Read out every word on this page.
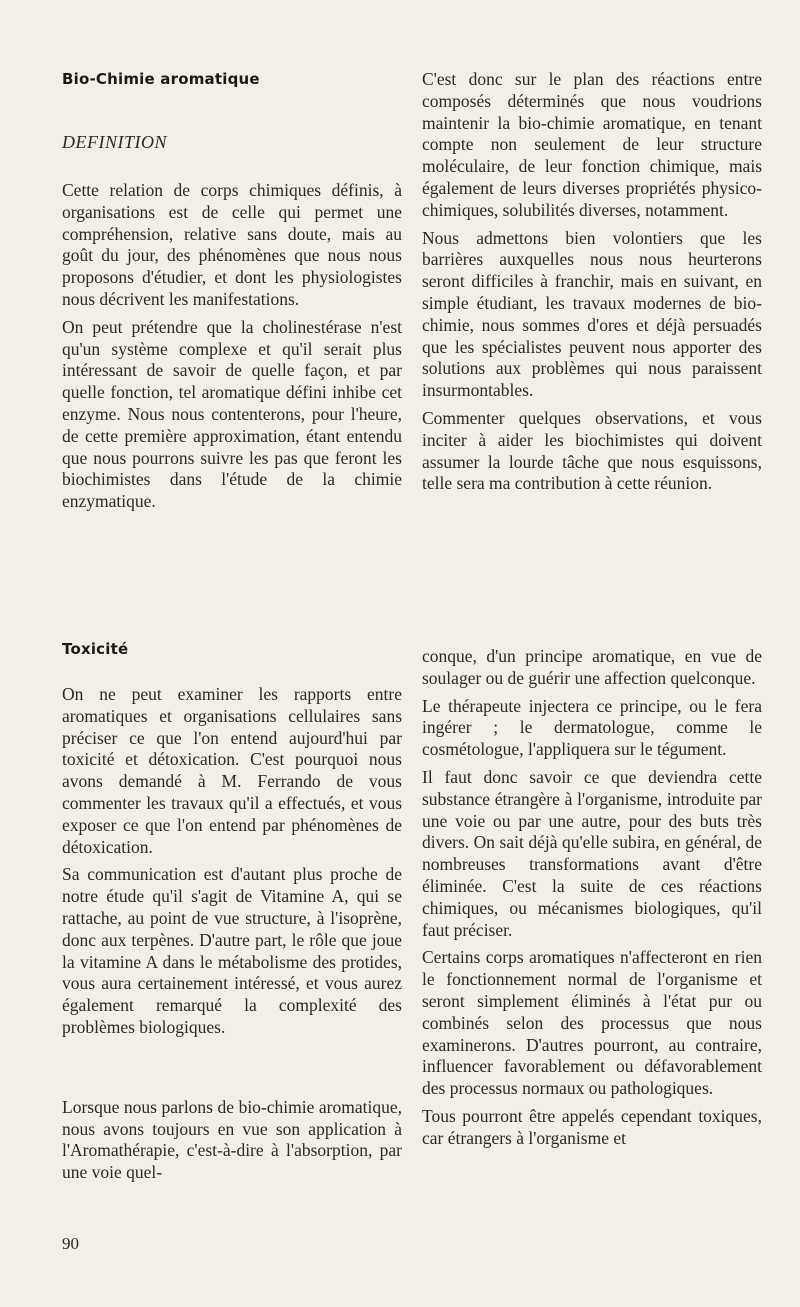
Bio-Chimie aromatique
DEFINITION

Cette relation de corps chimiques définis, à organisations est de celle qui permet une compréhension, relative sans doute, mais au goût du jour, des phénomènes que nous nous proposons d'étudier, et dont les physiologistes nous décrivent les manifestations.

On peut prétendre que la cholinestérase n'est qu'un système complexe et qu'il serait plus intéressant de savoir de quelle façon, et par quelle fonction, tel aromatique défini inhibe cet enzyme. Nous nous contenterons, pour l'heure, de cette première approximation, étant entendu que nous pourrons suivre les pas que feront les biochimistes dans l'étude de la chimie enzymatique.

C'est donc sur le plan des réactions entre composés déterminés que nous voudrions maintenir la bio-chimie aromatique, en tenant compte non seulement de leur structure moléculaire, de leur fonction chimique, mais également de leurs diverses propriétés physico-chimiques, solubilités diverses, notamment.

Nous admettons bien volontiers que les barrières auxquelles nous nous heurterons seront difficiles à franchir, mais en suivant, en simple étudiant, les travaux modernes de bio-chimie, nous sommes d'ores et déjà persuadés que les spécialistes peuvent nous apporter des solutions aux problèmes qui nous paraissent insurmontables.

Commenter quelques observations, et vous inciter à aider les biochimistes qui doivent assumer la lourde tâche que nous esquissons, telle sera ma contribution à cette réunion.

Toxicité

On ne peut examiner les rapports entre aromatiques et organisations cellulaires sans préciser ce que l'on entend aujourd'hui par toxicité et détoxication. C'est pourquoi nous avons demandé à M. Ferrando de vous commenter les travaux qu'il a effectués, et vous exposer ce que l'on entend par phénomènes de détoxication.

Sa communication est d'autant plus proche de notre étude qu'il s'agit de Vitamine A, qui se rattache, au point de vue structure, à l'isoprène, donc aux terpènes. D'autre part, le rôle que joue la vitamine A dans le métabolisme des protides, vous aura certainement intéressé, et vous aurez également remarqué la complexité des problèmes biologiques.

Lorsque nous parlons de bio-chimie aromatique, nous avons toujours en vue son application à l'Aromathérapie, c'est-à-dire à l'absorption, par une voie quel-

conque, d'un principe aromatique, en vue de soulager ou de guérir une affection quelconque.

Le thérapeute injectera ce principe, ou le fera ingérer ; le dermatologue, comme le cosmétologue, l'appliquera sur le tégument.

Il faut donc savoir ce que deviendra cette substance étrangère à l'organisme, introduite par une voie ou par une autre, pour des buts très divers. On sait déjà qu'elle subira, en général, de nombreuses transformations avant d'être éliminée. C'est la suite de ces réactions chimiques, ou mécanismes biologiques, qu'il faut préciser.

Certains corps aromatiques n'affecteront en rien le fonctionnement normal de l'organisme et seront simplement éliminés à l'état pur ou combinés selon des processus que nous examinerons. D'autres pourront, au contraire, influencer favorablement ou défavorablement des processus normaux ou pathologiques.

Tous pourront être appelés cependant toxiques, car étrangers à l'organisme et

90
